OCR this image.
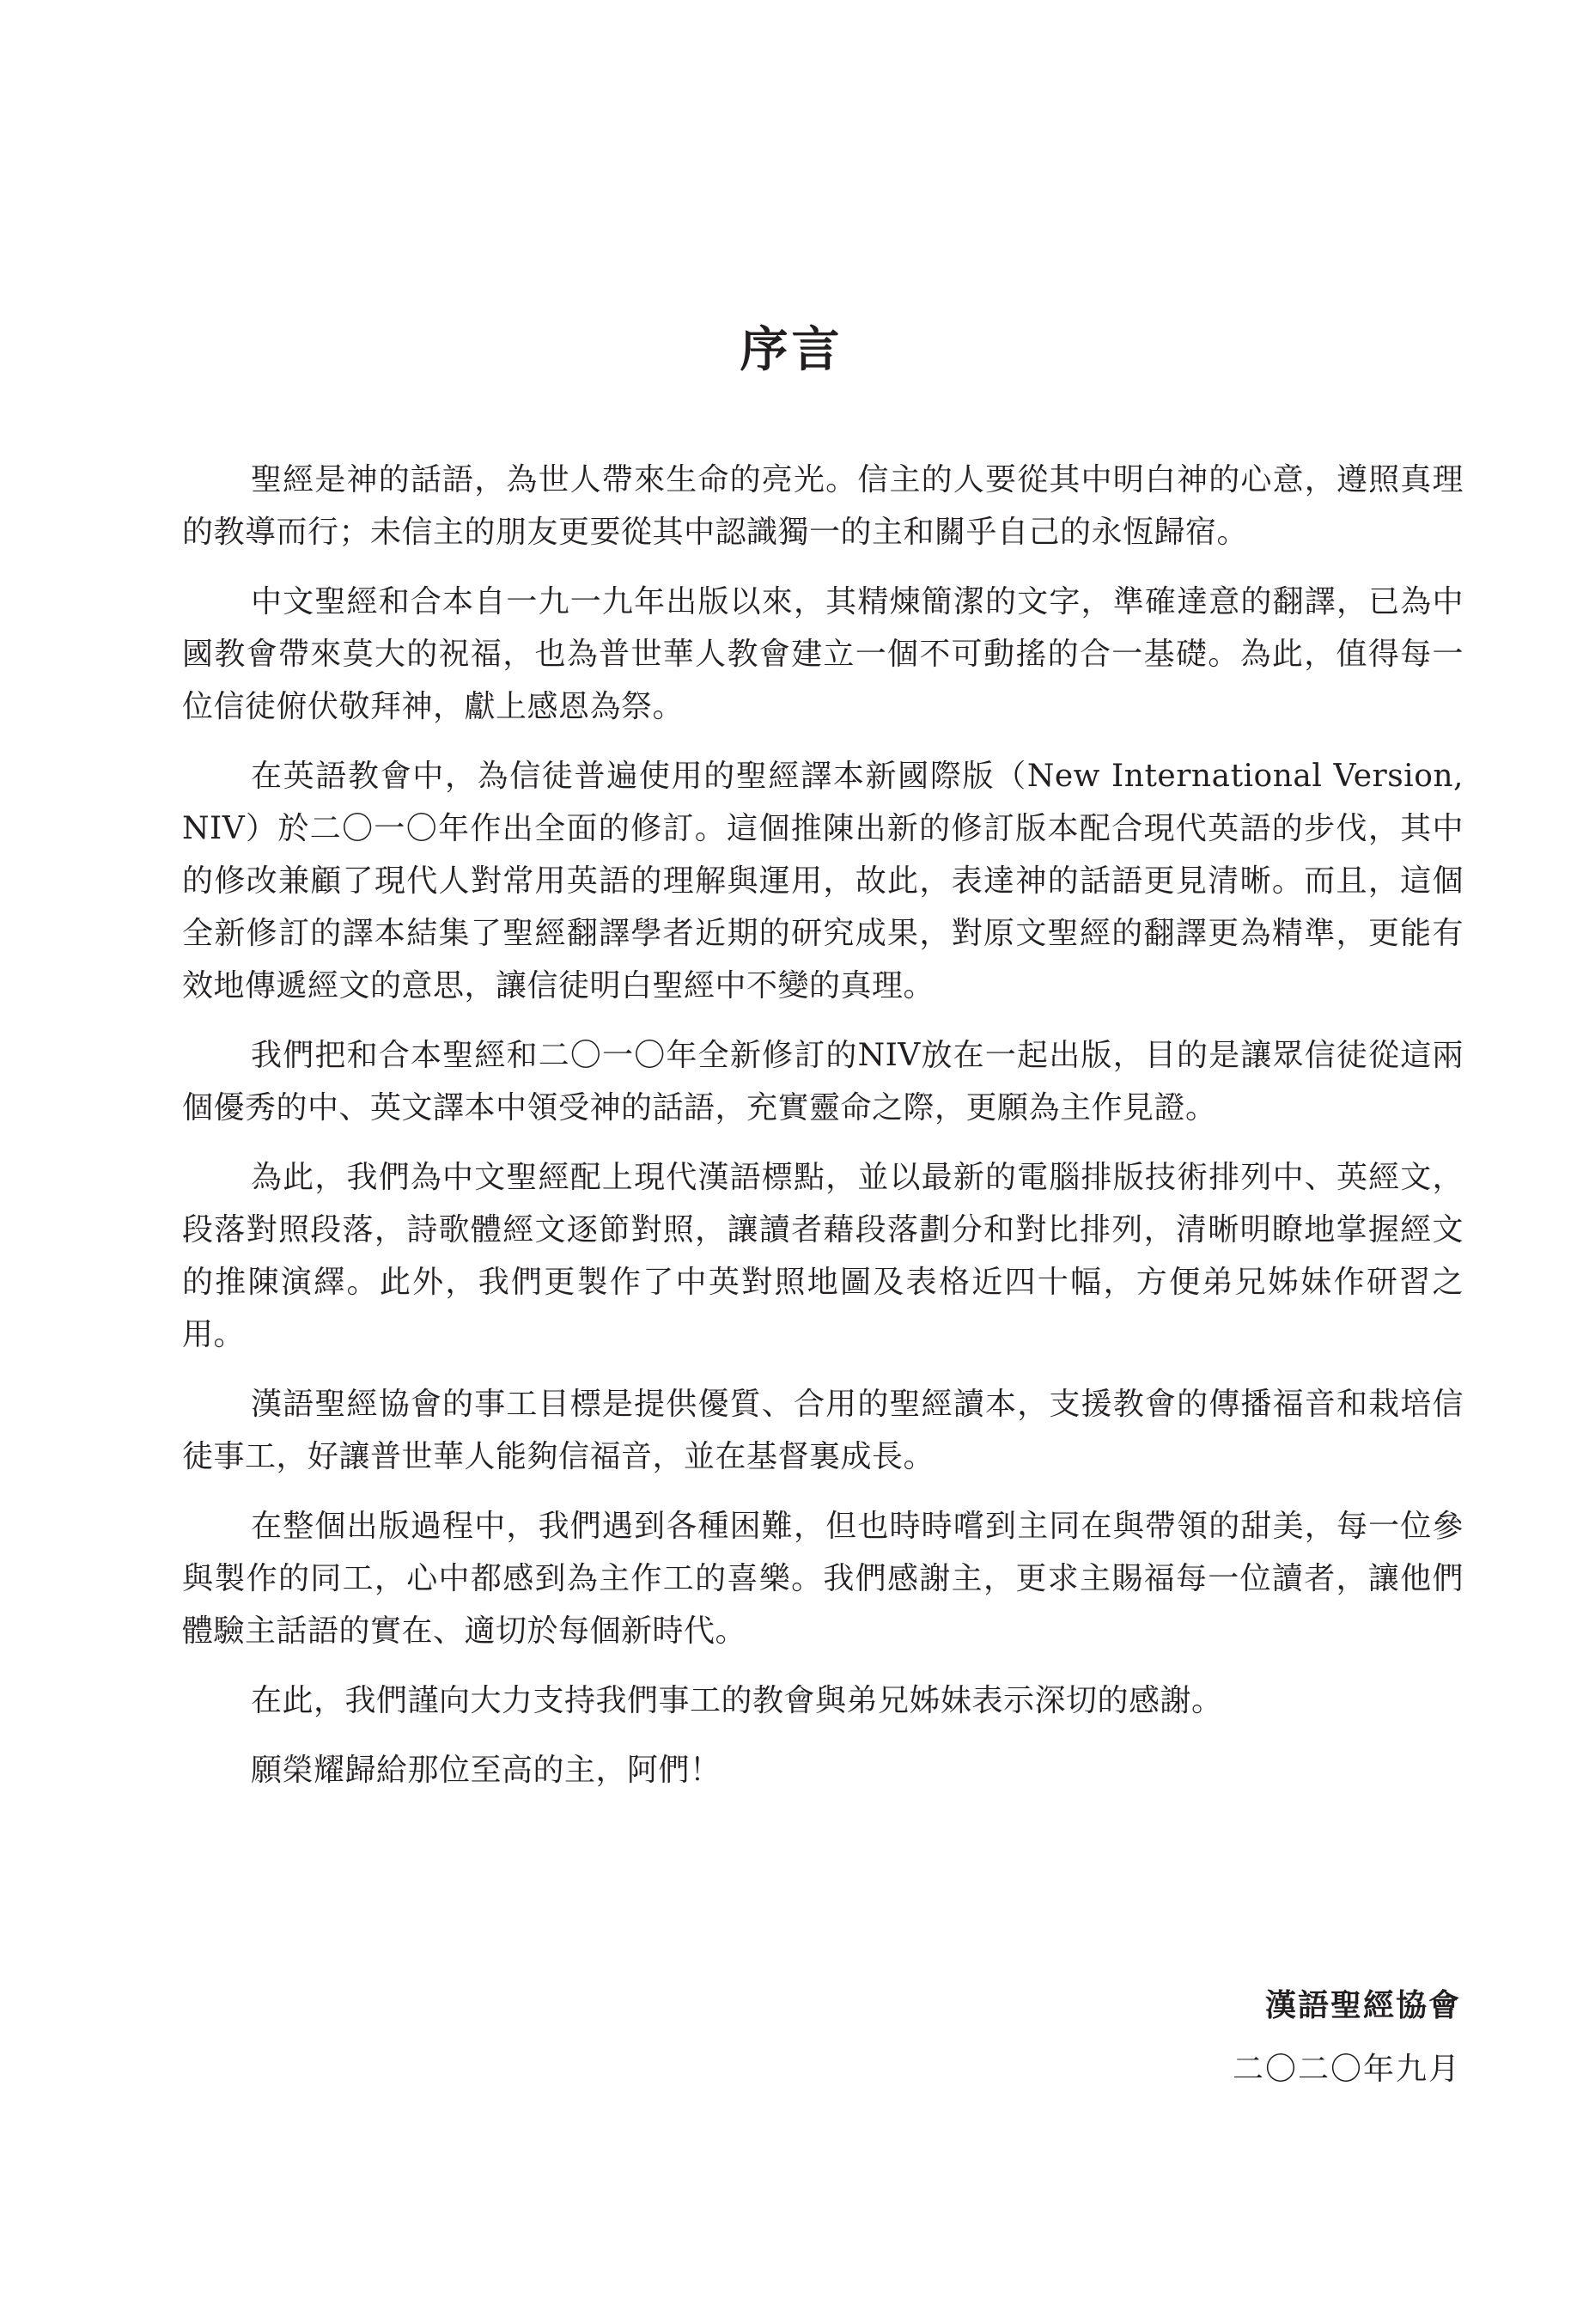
序言

聖經是神的話語，為世人帶來生命的亮光。信主的人要從其中明白神的心意，遵照真理的教導而行；未信主的朋友更要從其中認識獨一的主和關乎自己的永恆歸宿。

中文聖經和合本自一九一九年出版以來，其精煉簡潔的文字，準確達意的翻譯，已為中國教會帶來莫大的祝福，也為普世華人教會建立一個不可動搖的合一基礎。為此，值得每一位信徒俯伏敬拜神，獻上感恩為祭。

在英語教會中，為信徒普遍使用的聖經譯本新國際版（New International Version, NIV）於二〇一〇年作出全面的修訂。這個推陳出新的修訂版本配合現代英語的步伐，其中的修改兼顧了現代人對常用英語的理解與運用，故此，表達神的話語更見清晰。而且，這個全新修訂的譯本結集了聖經翻譯學者近期的研究成果，對原文聖經的翻譯更為精準，更能有效地傳遞經文的意思，讓信徒明白聖經中不變的真理。

我們把和合本聖經和二〇一〇年全新修訂的NIV放在一起出版，目的是讓眾信徒從這兩個優秀的中、英文譯本中領受神的話語，充實靈命之際，更願為主作見證。

為此，我們為中文聖經配上現代漢語標點，並以最新的電腦排版技術排列中、英經文，段落對照段落，詩歌體經文逐節對照，讓讀者藉段落劃分和對比排列，清晰明瞭地掌握經文的推陳演繹。此外，我們更製作了中英對照地圖及表格近四十幅，方便弟兄姊妹作研習之用。

漢語聖經協會的事工目標是提供優質、合用的聖經讀本，支援教會的傳播福音和栽培信徒事工，好讓普世華人能夠信福音，並在基督裏成長。

在整個出版過程中，我們遇到各種困難，但也時時嚐到主同在與帶領的甜美，每一位參與製作的同工，心中都感到為主作工的喜樂。我們感謝主，更求主賜福每一位讀者，讓他們體驗主話語的實在、適切於每個新時代。

在此，我們謹向大力支持我們事工的教會與弟兄姊妹表示深切的感謝。

願榮耀歸給那位至高的主，阿們！

漢語聖經協會

二〇二〇年九月
